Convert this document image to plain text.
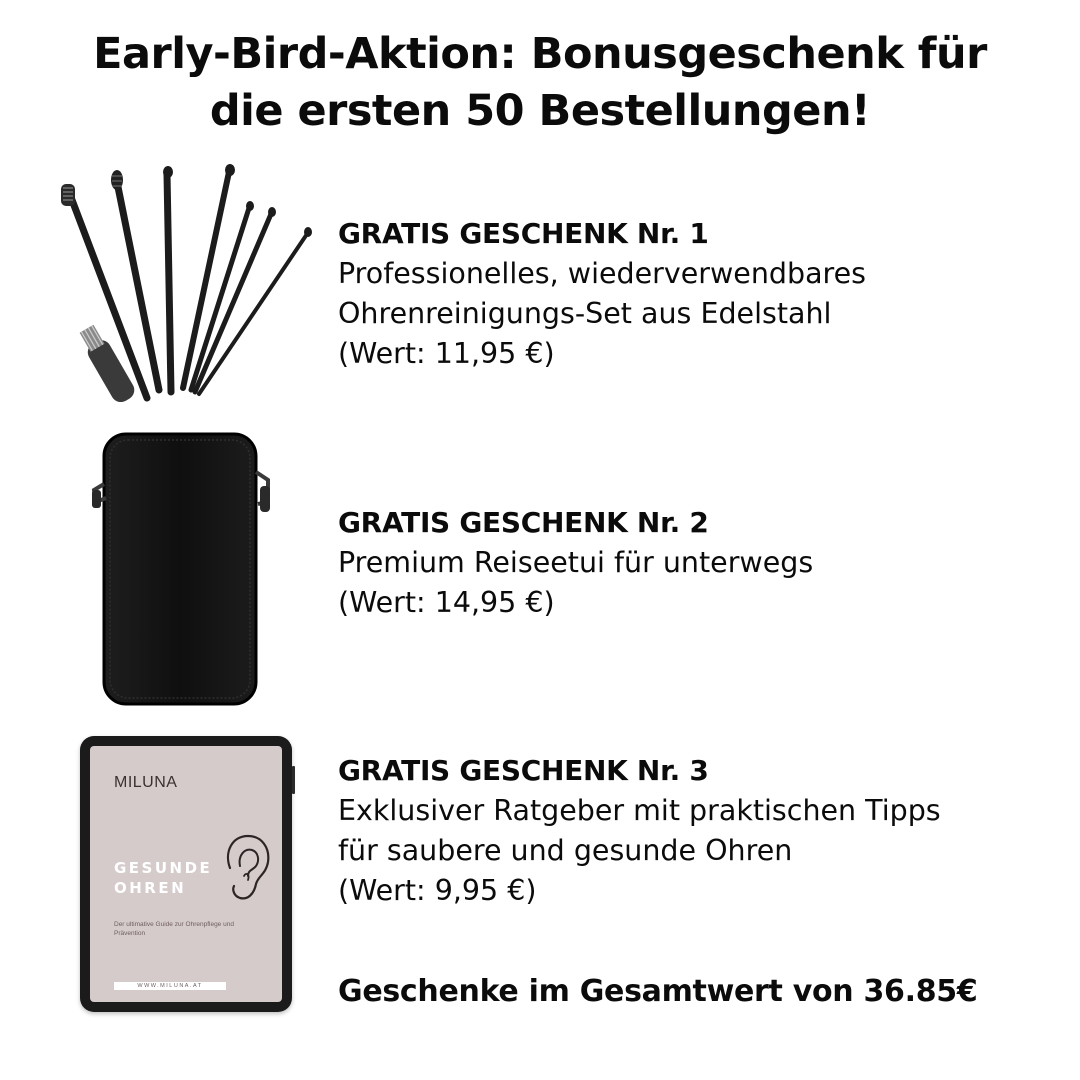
Early-Bird-Aktion: Bonusgeschenk für
die ersten 50 Bestellungen!
GRATIS GESCHENK Nr. 1
Professionelles, wiederverwendbares
Ohrenreinigungs-Set aus Edelstahl
(Wert: 11,95 €)
GRATIS GESCHENK Nr. 2
Premium Reiseetui für unterwegs
(Wert: 14,95 €)
MILUNA
GESUNDE
OHREN
Der ultimative Guide zur Ohrenpflege und Prävention
WWW.MILUNA.AT
GRATIS GESCHENK Nr. 3
Exklusiver Ratgeber mit praktischen Tipps
für saubere und gesunde Ohren
(Wert: 9,95 €)
Geschenke im Gesamtwert von 36.85€
